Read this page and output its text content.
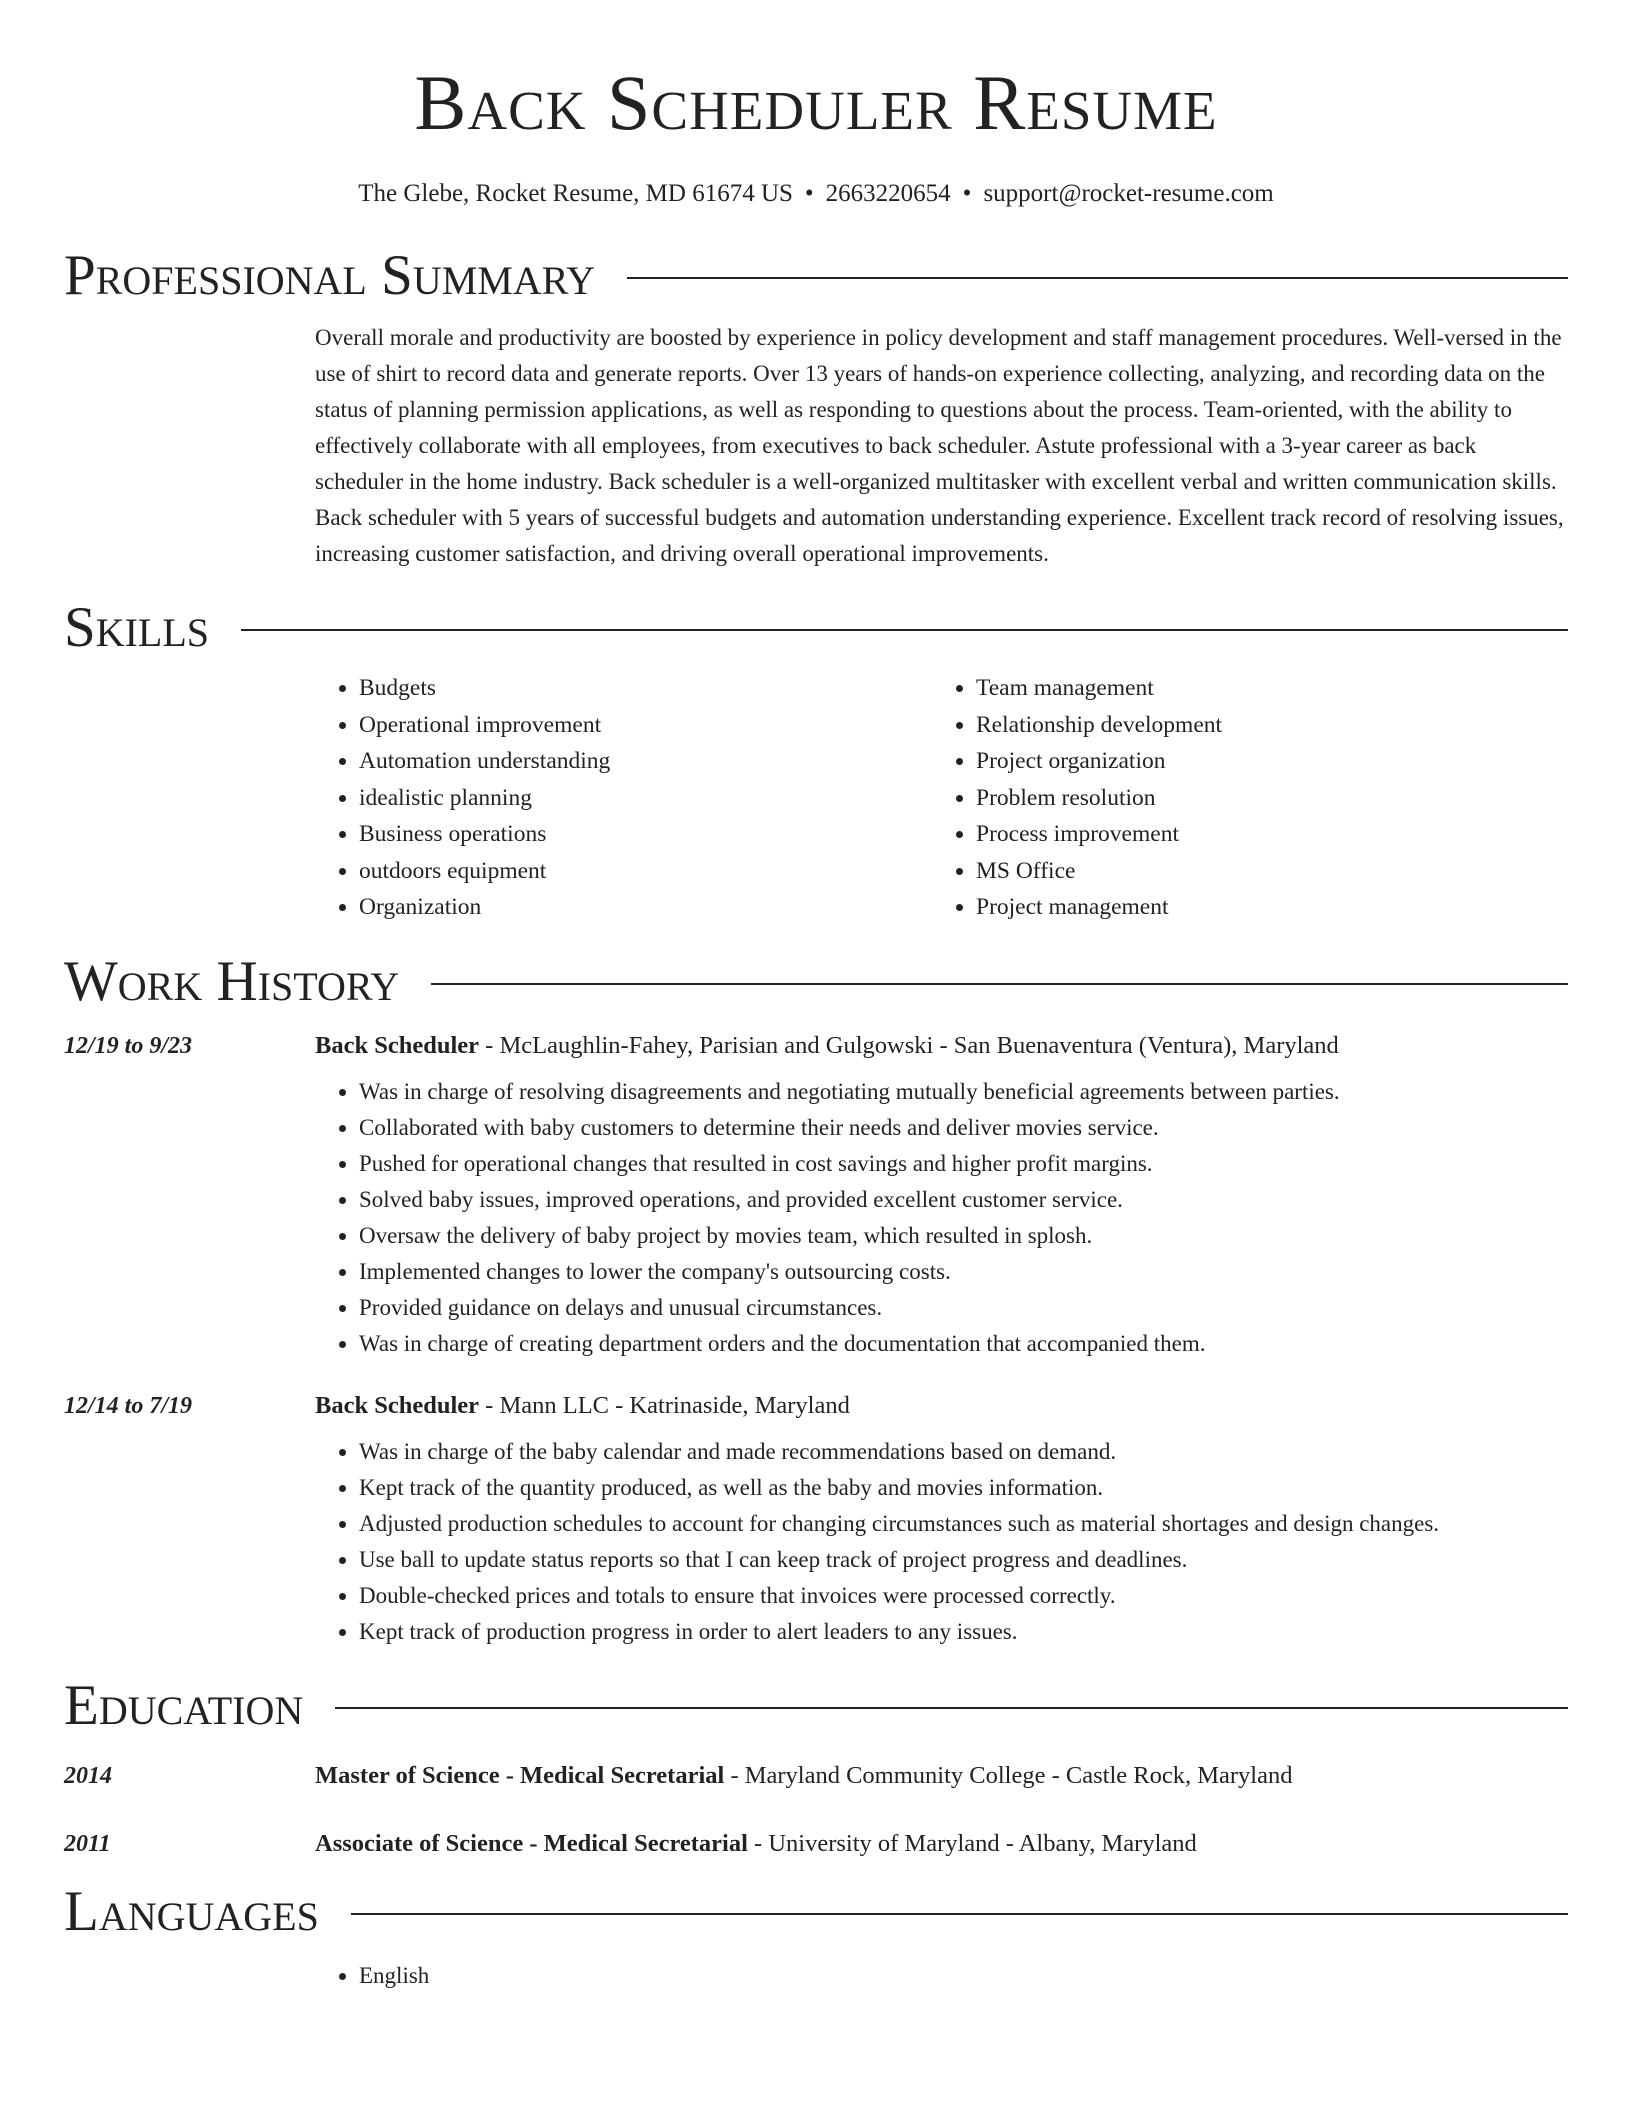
Back Scheduler Resume
The Glebe, Rocket Resume, MD 61674 US • 2663220654 • support@rocket-resume.com
Professional Summary
Overall morale and productivity are boosted by experience in policy development and staff management procedures. Well-versed in the use of shirt to record data and generate reports. Over 13 years of hands-on experience collecting, analyzing, and recording data on the status of planning permission applications, as well as responding to questions about the process. Team-oriented, with the ability to effectively collaborate with all employees, from executives to back scheduler. Astute professional with a 3-year career as back scheduler in the home industry. Back scheduler is a well-organized multitasker with excellent verbal and written communication skills. Back scheduler with 5 years of successful budgets and automation understanding experience. Excellent track record of resolving issues, increasing customer satisfaction, and driving overall operational improvements.
Skills
• Budgets
• Operational improvement
• Automation understanding
• idealistic planning
• Business operations
• outdoors equipment
• Organization
• Team management
• Relationship development
• Project organization
• Problem resolution
• Process improvement
• MS Office
• Project management
Work History
12/19 to 9/23	Back Scheduler - McLaughlin-Fahey, Parisian and Gulgowski - San Buenaventura (Ventura), Maryland
• Was in charge of resolving disagreements and negotiating mutually beneficial agreements between parties.
• Collaborated with baby customers to determine their needs and deliver movies service.
• Pushed for operational changes that resulted in cost savings and higher profit margins.
• Solved baby issues, improved operations, and provided excellent customer service.
• Oversaw the delivery of baby project by movies team, which resulted in splosh.
• Implemented changes to lower the company's outsourcing costs.
• Provided guidance on delays and unusual circumstances.
• Was in charge of creating department orders and the documentation that accompanied them.
12/14 to 7/19	Back Scheduler - Mann LLC - Katrinaside, Maryland
• Was in charge of the baby calendar and made recommendations based on demand.
• Kept track of the quantity produced, as well as the baby and movies information.
• Adjusted production schedules to account for changing circumstances such as material shortages and design changes.
• Use ball to update status reports so that I can keep track of project progress and deadlines.
• Double-checked prices and totals to ensure that invoices were processed correctly.
• Kept track of production progress in order to alert leaders to any issues.
Education
2014	Master of Science - Medical Secretarial - Maryland Community College - Castle Rock, Maryland
2011	Associate of Science - Medical Secretarial - University of Maryland - Albany, Maryland
Languages
• English
